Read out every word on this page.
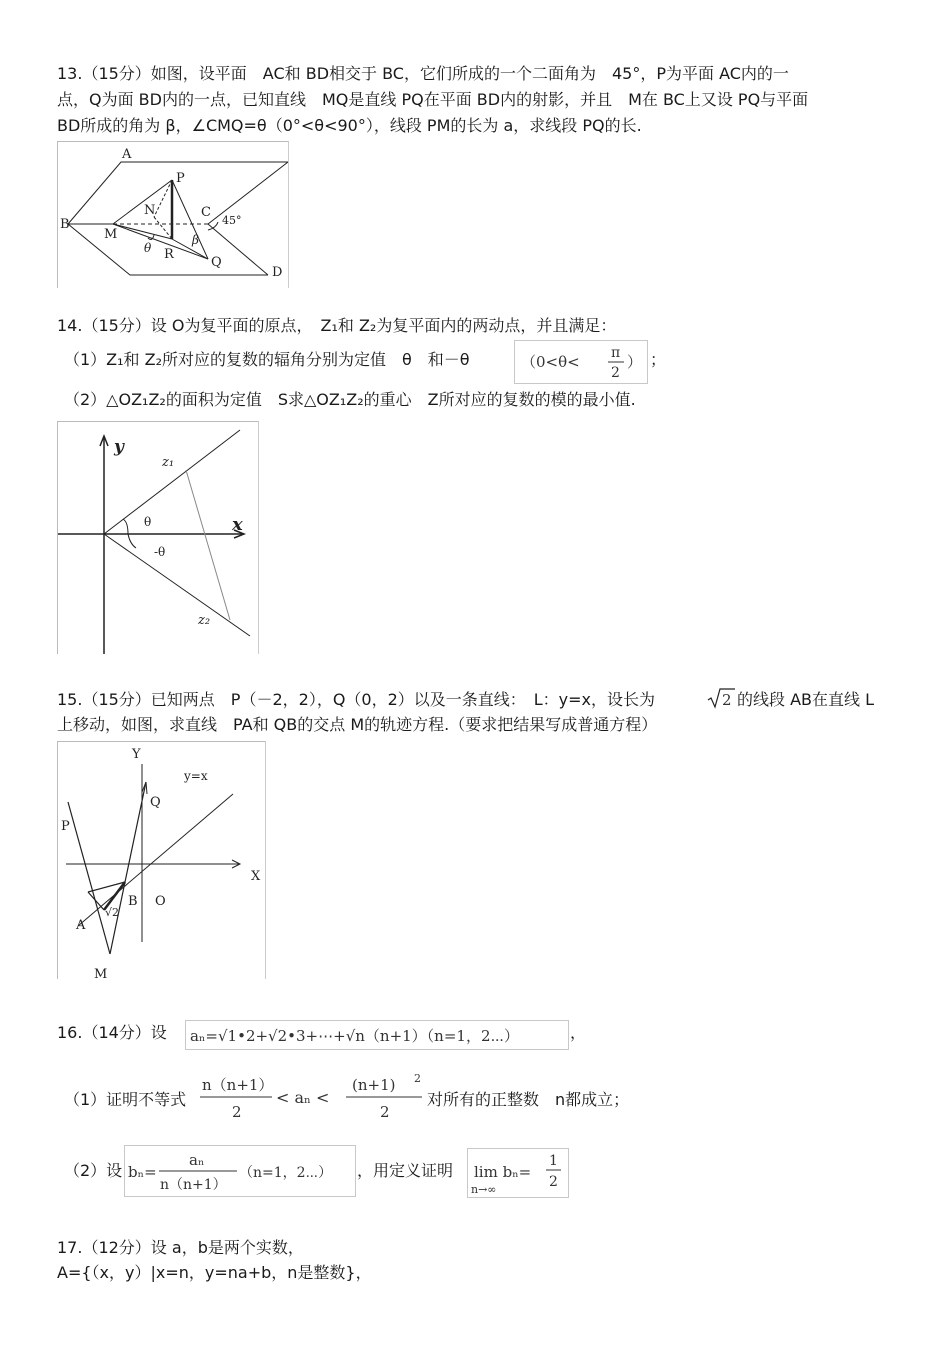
13.（15分）如图，设平面　AC和 BD相交于 BC，它们所成的一个二面角为　45°，P为平面 AC内的一
点，Q为面 BD内的一点，已知直线　MQ是直线 PQ在平面 BD内的射影，并且　M在 BC上又设 PQ与平面
BD所成的角为 β，∠CMQ=θ（0°<θ<90°），线段 PM的长为 a，求线段 PQ的长.
A
B
C
D
P
N
M
R
Q
θ
β
45°
14.（15分）设 O为复平面的原点，　Z₁和 Z₂为复平面内的两动点，并且满足：
（1）Z₁和 Z₂所对应的复数的辐角分别为定值　θ　和－θ	（0<θ< π
2
） ；
（2）△OZ₁Z₂的面积为定值　S求△OZ₁Z₂的重心　Z所对应的复数的模的最小值.
y
x
z₁
z₂
θ
-θ
15.（15分）已知两点　P（－2，2），Q（0，2）以及一条直线：　L：y=x，设长为	2 的线段 AB在直线 L
上移动，如图，求直线　PA和 QB的交点 M的轨迹方程.（要求把结果写成普通方程）
Y
X
y=x
P
Q
A
B O
M
√2
16.（14分）设 aₙ=√1•2+√2•3+⋯+√n（n+1）（n=1，2⋯）	，
（1）证明不等式
n（n+1）
2
< aₙ <
(n+1) 2
2
对所有的正整数　n都成立；
（2）设 bₙ=
aₙ
n（n+1）
（n=1，2⋯） ，用定义证明 lim bₙ=
n→∞
1
2
17.（12分）设 a，b是两个实数，
A={（x，y）|x=n，y=na+b，n是整数}，
